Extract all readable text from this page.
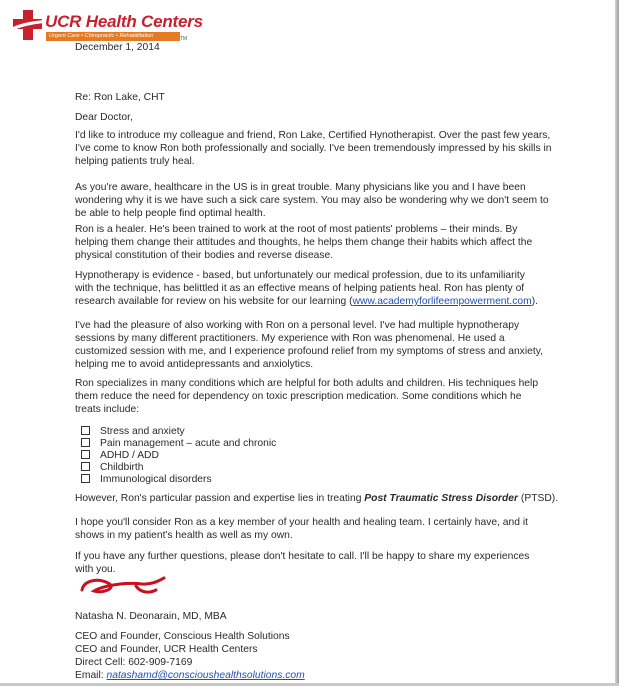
UCR Health Centers
Urgent Care • Chiropractic • Rehabilitation	TM
December 1, 2014
Re: Ron Lake, CHT
Dear Doctor,
I'd like to introduce my colleague and friend, Ron Lake, Certified Hynotherapist. Over the past few years,
I've come to know Ron both professionally and socially. I've been tremendously impressed by his skills in
helping patients truly heal.
As you're aware, healthcare in the US is in great trouble. Many physicians like you and I have been
wondering why it is we have such a sick care system. You may also be wondering why we don't seem to
be able to help people find optimal health.
Ron is a healer. He's been trained to work at the root of most patients' problems – their minds. By
helping them change their attitudes and thoughts, he helps them change their habits which affect the
physical constitution of their bodies and reverse disease.
Hypnotherapy is evidence - based, but unfortunately our medical profession, due to its unfamiliarity
with the technique, has belittled it as an effective means of helping patients heal. Ron has plenty of
research available for review on his website for our learning (www.academyforlifeempowerment.com).
I've had the pleasure of also working with Ron on a personal level. I've had multiple hypnotherapy
sessions by many different practitioners. My experience with Ron was phenomenal. He used a
customized session with me, and I experience profound relief from my symptoms of stress and anxiety,
helping me to avoid antidepressants and anxiolytics.
Ron specializes in many conditions which are helpful for both adults and children. His techniques help
them reduce the need for dependency on toxic prescription medication. Some conditions which he
treats include:
Stress and anxiety
Pain management – acute and chronic
ADHD / ADD
Childbirth
Immunological disorders
However, Ron's particular passion and expertise lies in treating Post Traumatic Stress Disorder (PTSD).
I hope you'll consider Ron as a key member of your health and healing team. I certainly have, and it
shows in my patient's health as well as my own.
If you have any further questions, please don't hesitate to call. I'll be happy to share my experiences
with you.
Natasha N. Deonarain, MD, MBA
CEO and Founder, Conscious Health Solutions
CEO and Founder, UCR Health Centers
Direct Cell: 602-909-7169
Email: natashamd@conscioushealthsolutions.com
